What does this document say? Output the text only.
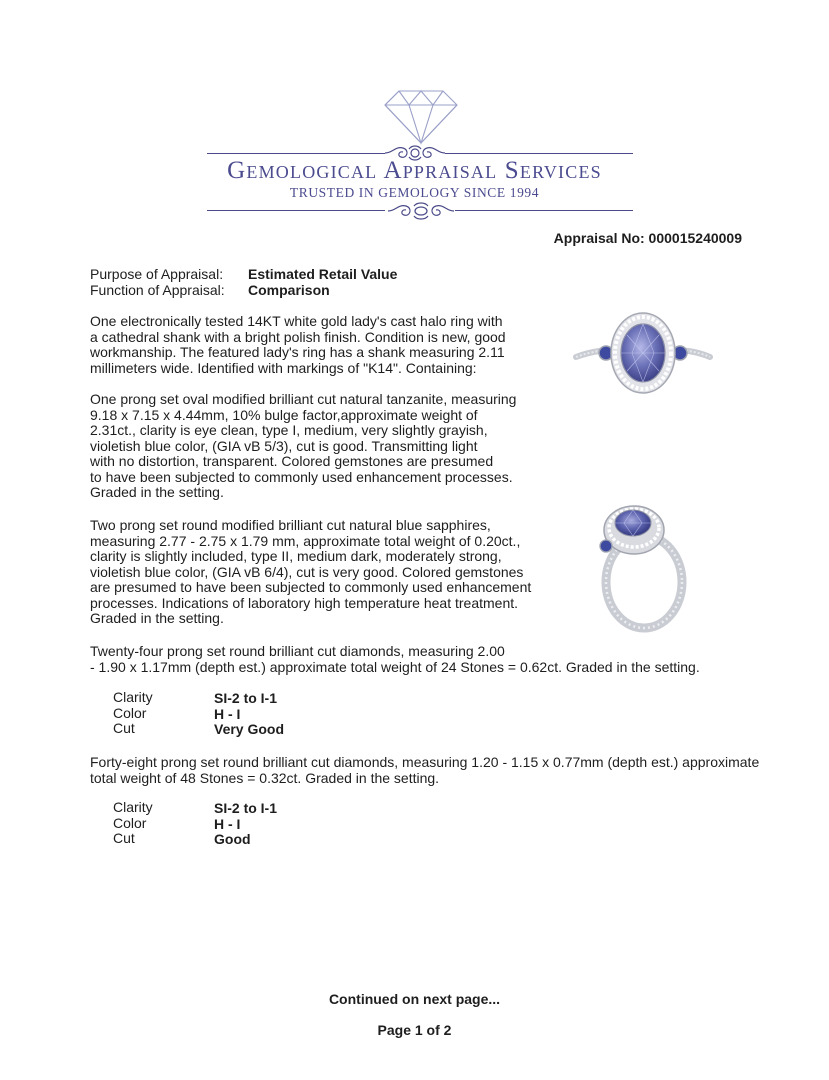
Gemological Appraisal Services
TRUSTED IN GEMOLOGY SINCE 1994
Appraisal No: 000015240009
Purpose of Appraisal: Estimated Retail Value
Function of Appraisal: Comparison
One electronically tested 14KT white gold lady's cast halo ring with
a cathedral shank with a bright polish finish. Condition is new, good
workmanship. The featured lady's ring has a shank measuring 2.11
millimeters wide. Identified with markings of "K14". Containing:
One prong set oval modified brilliant cut natural tanzanite, measuring
9.18 x 7.15 x 4.44mm, 10% bulge factor,approximate weight of
2.31ct., clarity is eye clean, type I, medium, very slightly grayish,
violetish blue color, (GIA vB 5/3), cut is good. Transmitting light
with no distortion, transparent. Colored gemstones are presumed
to have been subjected to commonly used enhancement processes.
Graded in the setting.
Two prong set round modified brilliant cut natural blue sapphires,
measuring 2.77 - 2.75 x 1.79 mm, approximate total weight of 0.20ct.,
clarity is slightly included, type II, medium dark, moderately strong,
violetish blue color, (GIA vB 6/4), cut is very good. Colored gemstones
are presumed to have been subjected to commonly used enhancement
processes. Indications of laboratory high temperature heat treatment.
Graded in the setting.
Twenty-four prong set round brilliant cut diamonds, measuring 2.00
- 1.90 x 1.17mm (depth est.) approximate total weight of 24 Stones = 0.62ct. Graded in the setting.
Clarity
Color
Cut
SI-2 to I-1
H - I
Very Good
Forty-eight prong set round brilliant cut diamonds, measuring 1.20 - 1.15 x 0.77mm (depth est.) approximate
total weight of 48 Stones = 0.32ct. Graded in the setting.
Clarity
Color
Cut
SI-2 to I-1
H - I
Good
Continued on next page...
Page 1 of 2
